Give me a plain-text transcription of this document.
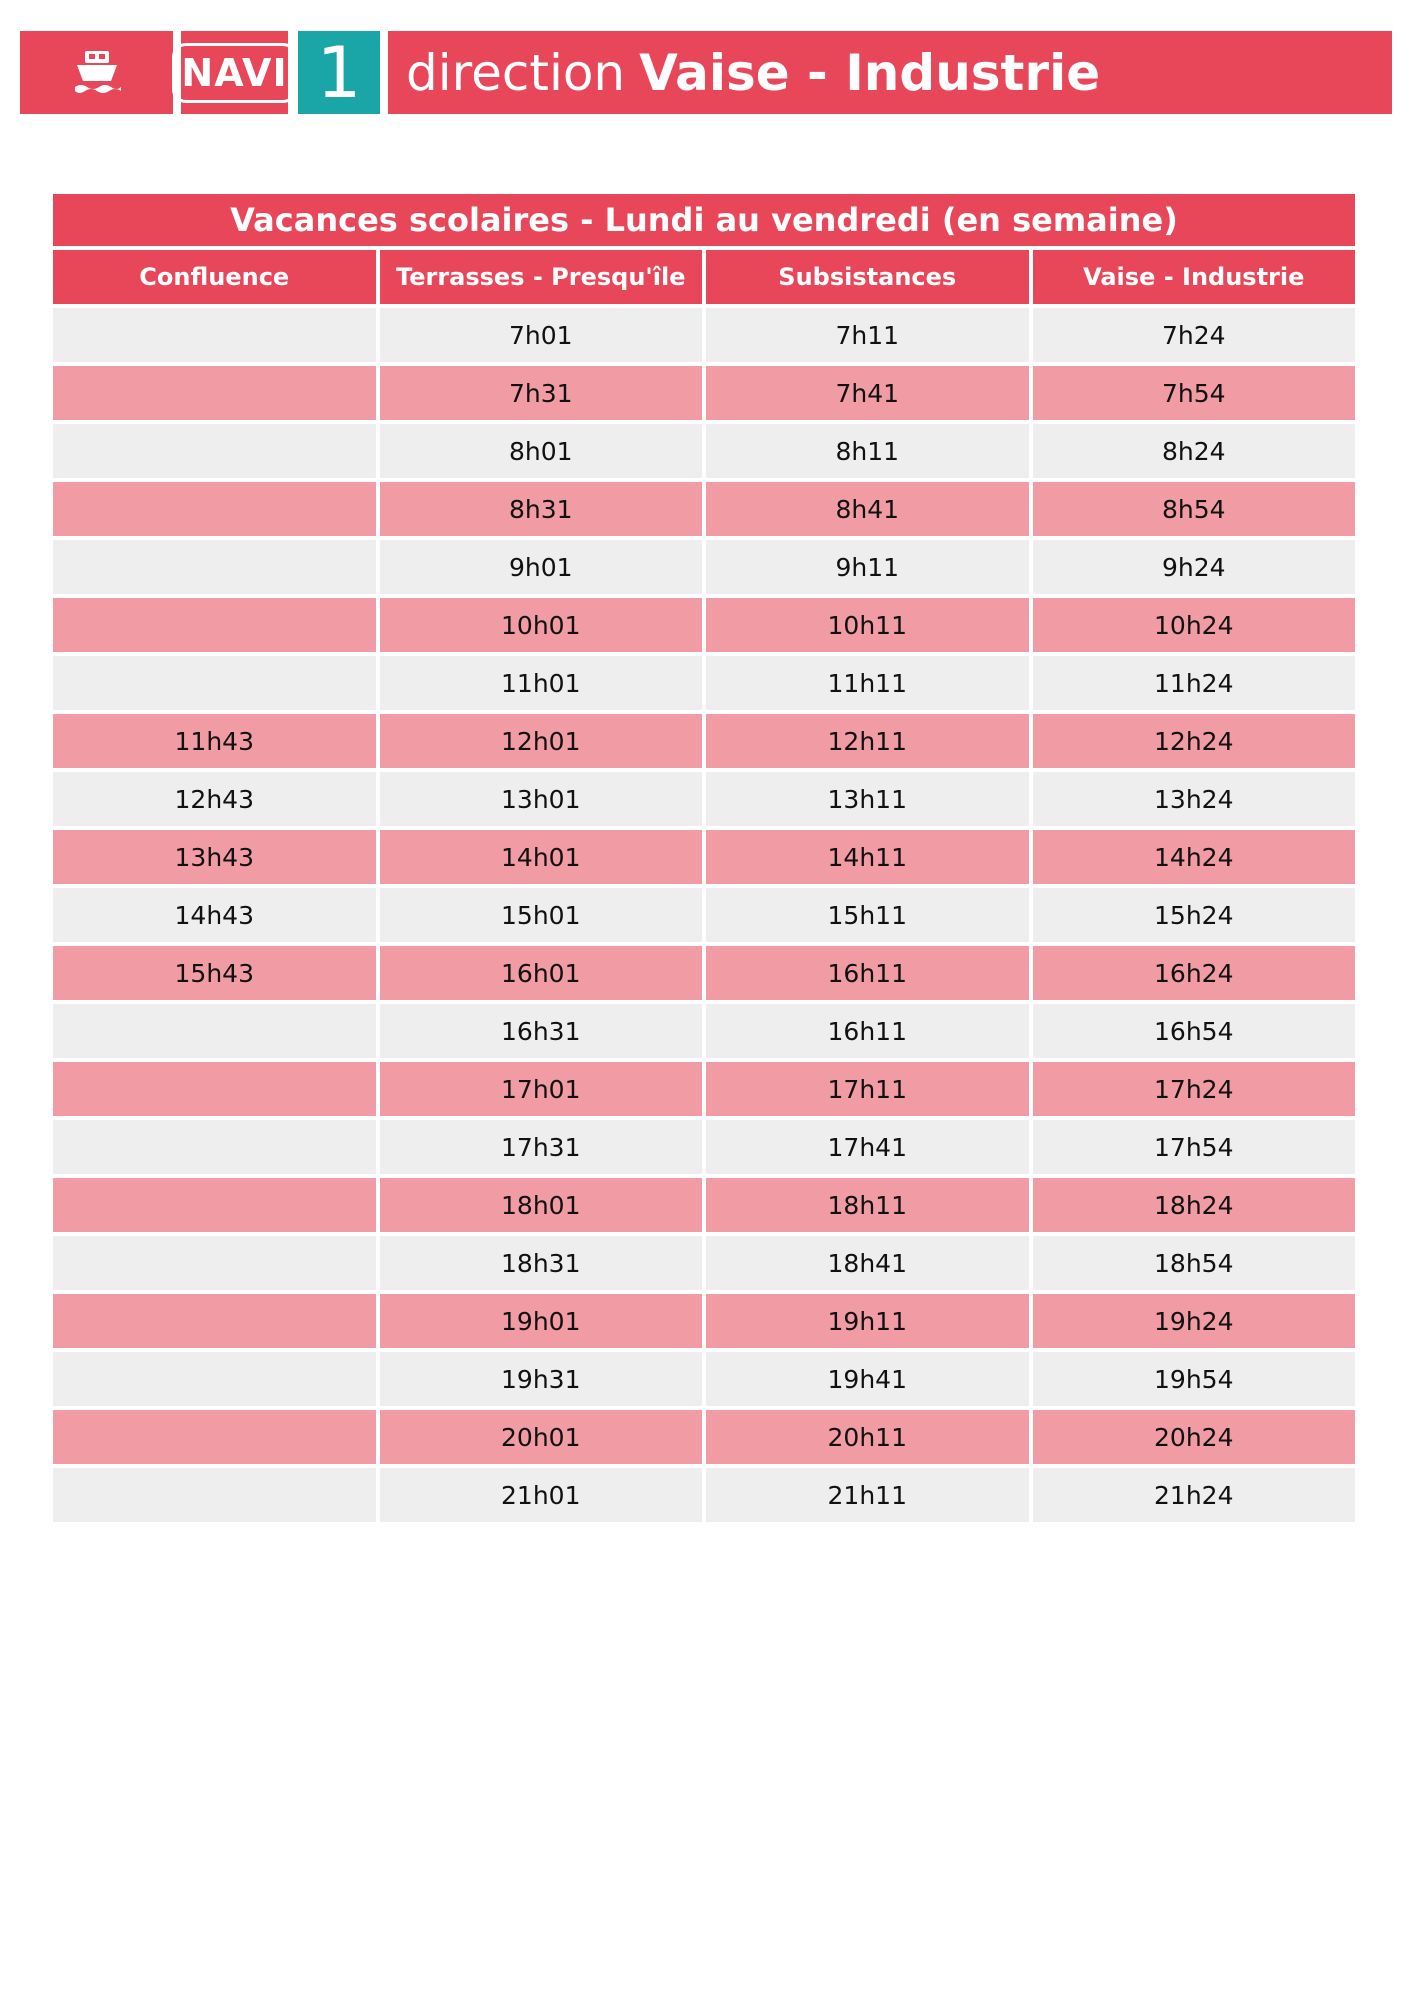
NAVI 1 direction Vaise - Industrie
Vacances scolaires - Lundi au vendredi (en semaine)			
Confluence	Terrasses - Presqu'île	Subsistances	Vaise - Industrie
	7h01	7h11	7h24
	7h31	7h41	7h54
	8h01	8h11	8h24
	8h31	8h41	8h54
	9h01	9h11	9h24
	10h01	10h11	10h24
	11h01	11h11	11h24
11h43	12h01	12h11	12h24
12h43	13h01	13h11	13h24
13h43	14h01	14h11	14h24
14h43	15h01	15h11	15h24
15h43	16h01	16h11	16h24
	16h31	16h11	16h54
	17h01	17h11	17h24
	17h31	17h41	17h54
	18h01	18h11	18h24
	18h31	18h41	18h54
	19h01	19h11	19h24
	19h31	19h41	19h54
	20h01	20h11	20h24
	21h01	21h11	21h24
